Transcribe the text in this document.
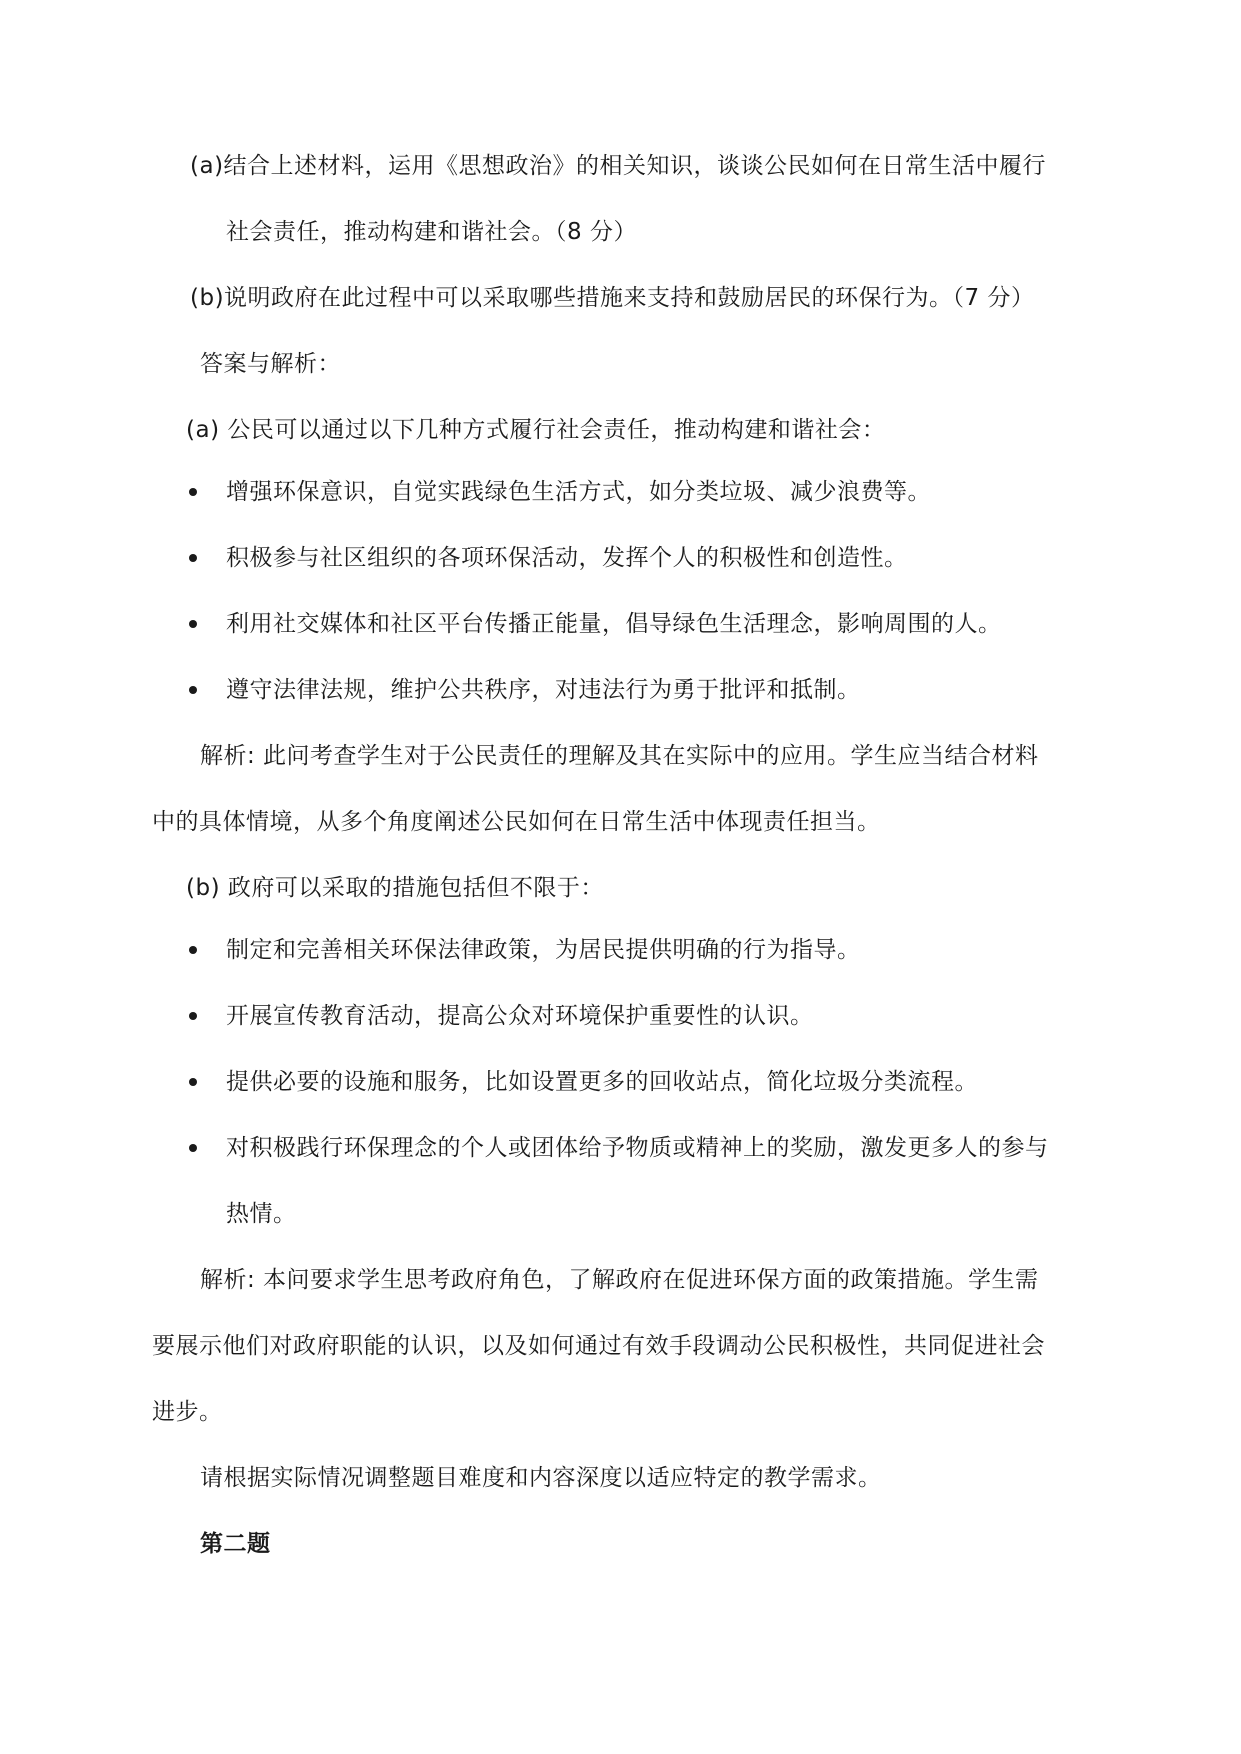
(a)结合上述材料，运用《思想政治》的相关知识，谈谈公民如何在日常生活中履行
社会责任，推动构建和谐社会。（8 分）
(b)说明政府在此过程中可以采取哪些措施来支持和鼓励居民的环保行为。（7 分）
答案与解析：
(a) 公民可以通过以下几种方式履行社会责任，推动构建和谐社会：
增强环保意识，自觉实践绿色生活方式，如分类垃圾、减少浪费等。
积极参与社区组织的各项环保活动，发挥个人的积极性和创造性。
利用社交媒体和社区平台传播正能量，倡导绿色生活理念，影响周围的人。
遵守法律法规，维护公共秩序，对违法行为勇于批评和抵制。
解析: 此问考查学生对于公民责任的理解及其在实际中的应用。学生应当结合材料
中的具体情境，从多个角度阐述公民如何在日常生活中体现责任担当。
(b) 政府可以采取的措施包括但不限于：
制定和完善相关环保法律政策，为居民提供明确的行为指导。
开展宣传教育活动，提高公众对环境保护重要性的认识。
提供必要的设施和服务，比如设置更多的回收站点，简化垃圾分类流程。
对积极践行环保理念的个人或团体给予物质或精神上的奖励，激发更多人的参与
热情。
解析: 本问要求学生思考政府角色，了解政府在促进环保方面的政策措施。学生需
要展示他们对政府职能的认识，以及如何通过有效手段调动公民积极性，共同促进社会
进步。
请根据实际情况调整题目难度和内容深度以适应特定的教学需求。
第二题
